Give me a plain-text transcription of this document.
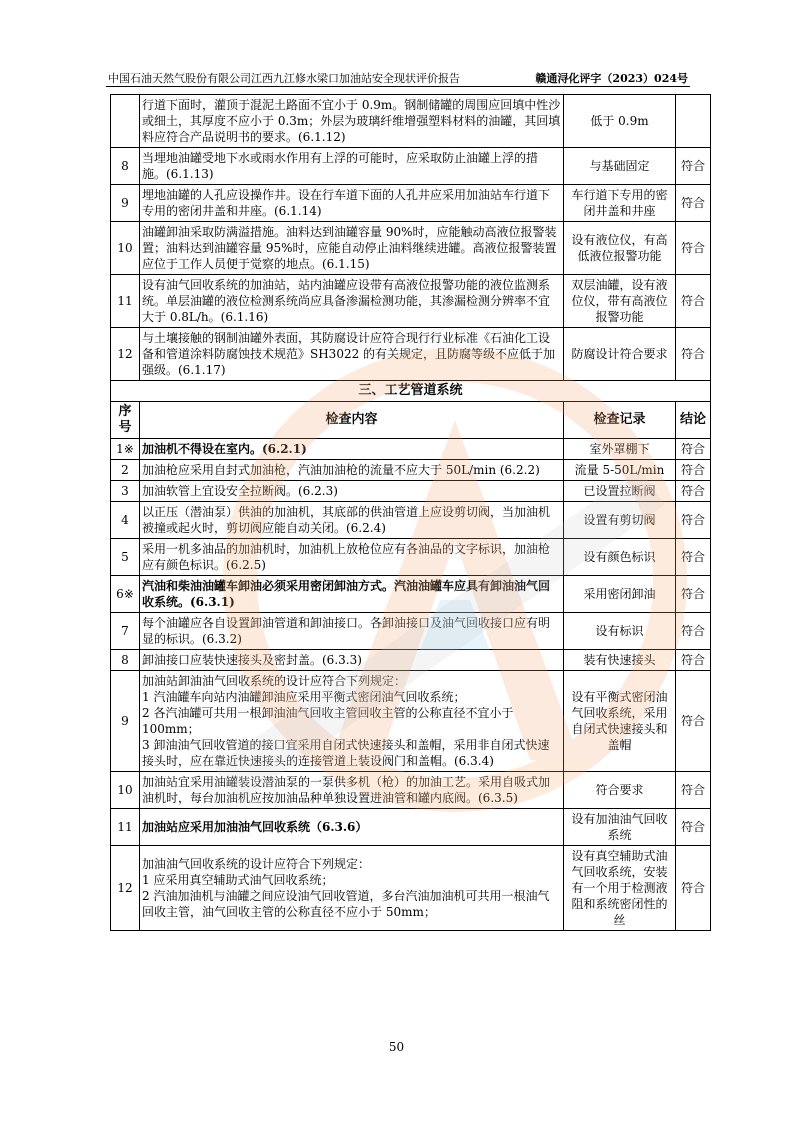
中国石油天然气股份有限公司江西九江修水梁口加油站安全现状评价报告	赣通浔化评字（2023）024号
	行道下面时，灌顶于混泥土路面不宜小于 0.9m。钢制储罐的周围应回填中性沙或细土，其厚度不应小于 0.3m；外层为玻璃纤维增强塑料材料的油罐，其回填料应符合产品说明书的要求。(6.1.12)	低于 0.9m	
8	当埋地油罐受地下水或雨水作用有上浮的可能时，应采取防止油罐上浮的措施。(6.1.13)	与基础固定	符合
9	埋地油罐的人孔应设操作井。设在行车道下面的人孔井应采用加油站车行道下专用的密闭井盖和井座。(6.1.14)	车行道下专用的密闭井盖和井座	符合
10	油罐卸油采取防满溢措施。油料达到油罐容量 90%时，应能触动高液位报警装置；油料达到油罐容量 95%时，应能自动停止油料继续进罐。高液位报警装置应位于工作人员便于觉察的地点。(6.1.15)	设有液位仪，有高低液位报警功能	符合
11	设有油气回收系统的加油站，站内油罐应设带有高液位报警功能的液位监测系统。单层油罐的液位检测系统尚应具备渗漏检测功能，其渗漏检测分辨率不宜大于 0.8L/h。(6.1.16)	双层油罐，设有液位仪，带有高液位报警功能	符合
12	与土壤接触的钢制油罐外表面，其防腐设计应符合现行行业标准《石油化工设备和管道涂料防腐蚀技术规范》SH3022 的有关规定，且防腐等级不应低于加强级。(6.1.17)	防腐设计符合要求	符合
三、工艺管道系统			
序号	检查内容	检查记录	结论
1※	加油机不得设在室内。(6.2.1)	室外罩棚下	符合
2	加油枪应采用自封式加油枪，汽油加油枪的流量不应大于 50L/min (6.2.2)	流量 5-50L/min	符合
3	加油软管上宜设安全拉断阀。(6.2.3)	已设置拉断阀	符合
4	以正压（潜油泵）供油的加油机，其底部的供油管道上应设剪切阀，当加油机被撞或起火时，剪切阀应能自动关闭。(6.2.4)	设置有剪切阀	符合
5	采用一机多油品的加油机时，加油机上放枪位应有各油品的文字标识，加油枪应有颜色标识。(6.2.5)	设有颜色标识	符合
6※	汽油和柴油油罐车卸油必须采用密闭卸油方式。汽油油罐车应具有卸油油气回收系统。(6.3.1)	采用密闭卸油	符合
7	每个油罐应各自设置卸油管道和卸油接口。各卸油接口及油气回收接口应有明显的标识。(6.3.2)	设有标识	符合
8	卸油接口应装快速接头及密封盖。(6.3.3)	装有快速接头	符合
9	加油站卸油油气回收系统的设计应符合下列规定：
1 汽油罐车向站内油罐卸油应采用平衡式密闭油气回收系统；
2 各汽油罐可共用一根卸油油气回收主管回收主管的公称直径不宜小于 100mm；
3 卸油油气回收管道的接口宜采用自闭式快速接头和盖帽，采用非自闭式快速接头时，应在靠近快速接头的连接管道上装设阀门和盖帽。(6.3.4)	设有平衡式密闭油气回收系统，采用自闭式快速接头和盖帽	符合
10	加油站宜采用油罐装设潜油泵的一泵供多机（枪）的加油工艺。采用自吸式加油机时，每台加油机应按加油品种单独设置进油管和罐内底阀。(6.3.5)	符合要求	符合
11	加油站应采用加油油气回收系统（6.3.6）	设有加油油气回收系统	符合
12	加油油气回收系统的设计应符合下列规定：
1 应采用真空辅助式油气回收系统；
2 汽油加油机与油罐之间应设油气回收管道，多台汽油加油机可共用一根油气回收主管，油气回收主管的公称直径不应小于 50mm；	设有真空辅助式油气回收系统，安装有一个用于检测液阻和系统密闭性的丝	符合
50
